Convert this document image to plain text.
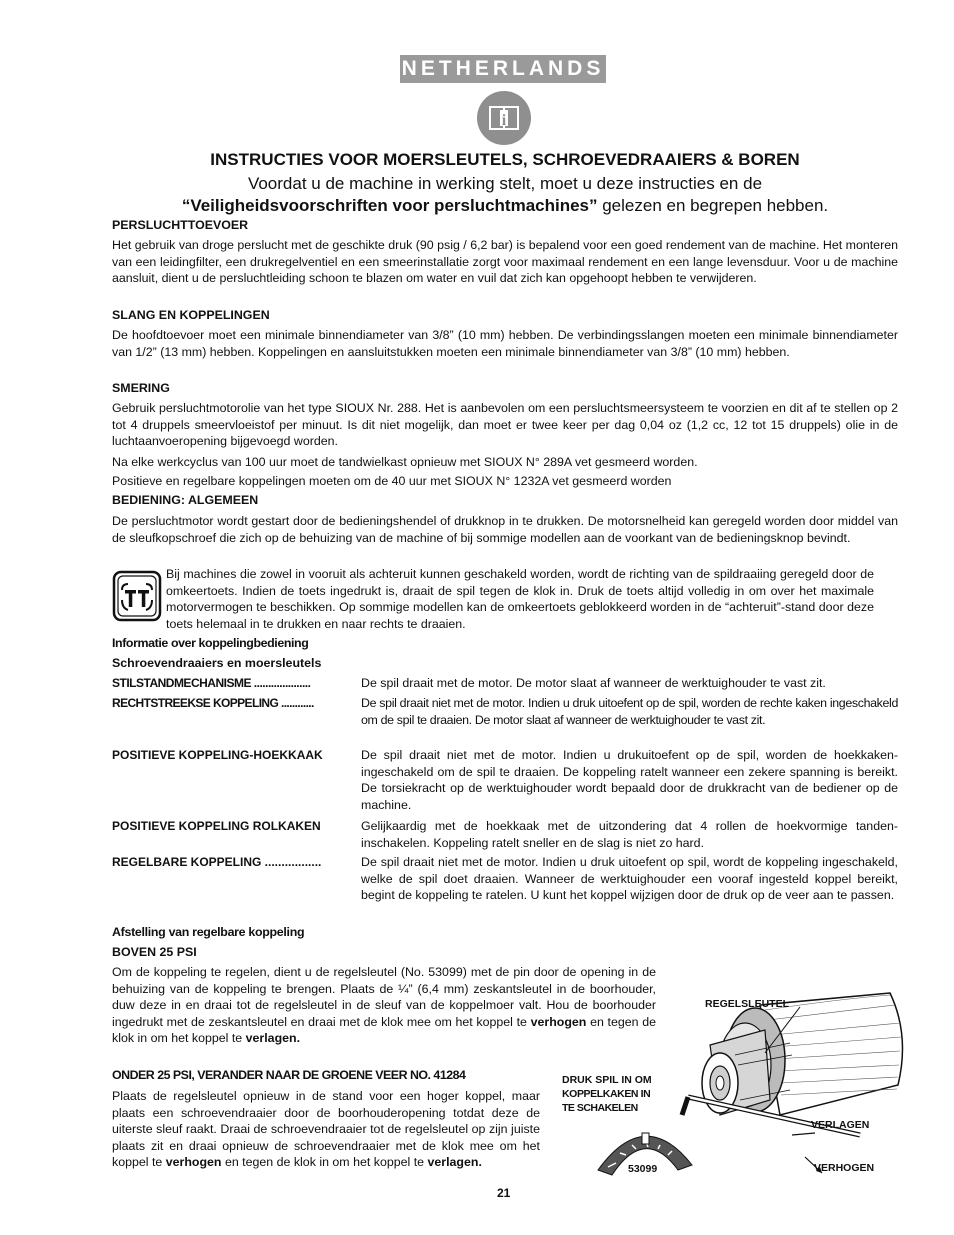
NETHERLANDS
i
INSTRUCTIES VOOR MOERSLEUTELS, SCHROEVEDRAAIERS & BOREN
Voordat u de machine in werking stelt, moet u deze instructies en de
“Veiligheidsvoorschriften voor persluchtmachines” gelezen en begrepen hebben.
PERSLUCHTTOEVOER
Het gebruik van droge perslucht met de geschikte druk (90 psig / 6,2 bar) is bepalend voor een goed rendement van de machine. Het monteren van een leidingfilter, een drukregelventiel en een smeerinstallatie zorgt voor maximaal rendement en een lange levensduur. Voor u de machine aansluit, dient u de persluchtleiding schoon te blazen om water en vuil dat zich kan opgehoopt hebben te verwijderen.
SLANG EN KOPPELINGEN
De hoofdtoevoer moet een minimale binnendiameter van 3/8” (10 mm) hebben. De verbindingsslangen moeten een minimale binnendiameter van 1/2” (13 mm) hebben. Koppelingen en aansluitstukken moeten een minimale binnendiameter van 3/8” (10 mm) hebben.
SMERING
Gebruik persluchtmotorolie van het type SIOUX Nr. 288. Het is aanbevolen om een persluchtsmeersysteem te voorzien en dit af te stellen op 2 tot 4 druppels smeervloeistof per minuut. Is dit niet mogelijk, dan moet er twee keer per dag 0,04 oz (1,2 cc, 12 tot 15 druppels) olie in de luchtaanvoeropening bijgevoegd worden.
Na elke werkcyclus van 100 uur moet de tandwielkast opnieuw met SIOUX N° 289A vet gesmeerd worden.
Positieve en regelbare koppelingen moeten om de 40 uur met SIOUX N° 1232A vet gesmeerd worden
BEDIENING: ALGEMEEN
De persluchtmotor wordt gestart door de bedieningshendel of drukknop in te drukken. De motorsnelheid kan geregeld worden door middel van de sleufkopschroef die zich op de behuizing van de machine of bij sommige modellen aan de voorkant van de bedieningsknop bevindt.
Bij machines die zowel in vooruit als achteruit kunnen geschakeld worden, wordt de richting van de spildraaiing geregeld door de omkeertoets. Indien de toets ingedrukt is, draait de spil tegen de klok in. Druk de toets altijd volledig in om over het maximale motorvermogen te beschikken. Op sommige modellen kan de omkeertoets geblokkeerd worden in de “achteruit”-stand door deze toets helemaal in te drukken en naar rechts te draaien.
Informatie over koppelingbediening
Schroevendraaiers en moersleutels
STILSTANDMECHANISME ....................	De spil draait met de motor. De motor slaat af wanneer de werktuighouder te vast zit.
RECHTSTREEKSE KOPPELING ............	De spil draait niet met de motor. Indien u druk uitoefent op de spil, worden de rechte kaken ingeschakeld om de spil te draaien. De motor slaat af wanneer de werktuighouder te vast zit.
POSITIEVE KOPPELING-HOEKKAAK	De spil draait niet met de motor. Indien u drukuitoefent op de spil, worden de hoekkaken-ingeschakeld om de spil te draaien. De koppeling ratelt wanneer een zekere spanning is bereikt. De torsiekracht op de werktuighouder wordt bepaald door de drukkracht van de bediener op de machine.
POSITIEVE KOPPELING ROLKAKEN	Gelijkaardig met de hoekkaak met de uitzondering dat 4 rollen de hoekvormige tanden-inschakelen. Koppeling ratelt sneller en de slag is niet zo hard.
REGELBARE KOPPELING .................	De spil draait niet met de motor. Indien u druk uitoefent op spil, wordt de koppeling ingeschakeld, welke de spil doet draaien. Wanneer de werktuighouder een vooraf ingesteld koppel bereikt, begint de koppeling te ratelen. U kunt het koppel wijzigen door de druk op de veer aan te passen.
Afstelling van regelbare koppeling
BOVEN 25 PSI
Om de koppeling te regelen, dient u de regelsleutel (No. 53099) met de pin door de opening in de behuizing van de koppeling te brengen. Plaats de ¼” (6,4 mm) zeskantsleutel in de boorhouder, duw deze in en draai tot de regelsleutel in de sleuf van de koppelmoer valt. Hou de boorhouder ingedrukt met de zeskantsleutel en draai met de klok mee om het koppel te verhogen en tegen de klok in om het koppel te verlagen.
ONDER 25 PSI, VERANDER NAAR DE GROENE VEER NO. 41284
Plaats de regelsleutel opnieuw in de stand voor een hoger koppel, maar plaats een schroevendraaier door de boorhouderopening totdat deze de uiterste sleuf raakt. Draai de schroevendraaier tot de regelsleutel op zijn juiste plaats zit en draai opnieuw de schroevendraaier met de klok mee om het koppel te verhogen en tegen de klok in om het koppel te verlagen.
REGELSLEUTEL
DRUK SPIL IN OM
KOPPELKAKEN IN
TE SCHAKELEN
VERLAGEN
VERHOGEN
53099
21
